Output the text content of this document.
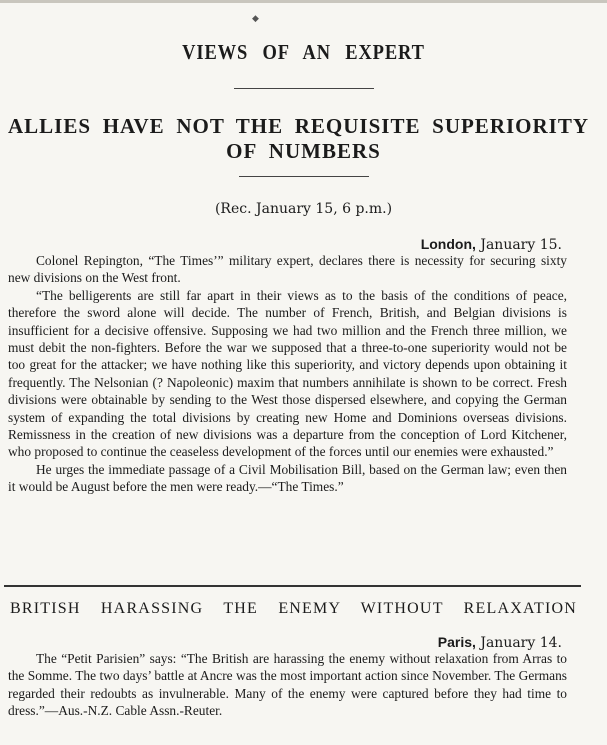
◆
VIEWS OF AN EXPERT
ALLIES HAVE NOT THE REQUISITE SUPERIORITY
OF NUMBERS
(Rec. January 15, 6 p.m.)
London, January 15.

Colonel Repington, “The Times’” military expert, declares there is necessity for securing sixty new divisions on the West front.

“The belligerents are still far apart in their views as to the basis of the conditions of peace, therefore the sword alone will decide. The number of French, British, and Belgian divisions is insufficient for a decisive offensive. Supposing we had two million and the French three million, we must debit the non-fighters. Before the war we supposed that a three-to-one superiority would not be too great for the attacker; we have nothing like this superiority, and victory depends upon obtaining it frequently. The Nelsonian (? Napoleonic) maxim that numbers annihilate is shown to be correct. Fresh divisions were obtainable by sending to the West those dispersed elsewhere, and copying the German system of expanding the total divisions by creating new Home and Dominions overseas divisions. Remissness in the creation of new divisions was a departure from the conception of Lord Kitchener, who proposed to continue the ceaseless development of the forces until our enemies were exhausted.”

He urges the immediate passage of a Civil Mobilisation Bill, based on the German law; even then it would be August before the men were ready.—“The Times.”

BRITISH HARASSING THE ENEMY WITHOUT RELAXATION
Paris, January 14.

The “Petit Parisien” says: “The British are harassing the enemy without relaxation from Arras to the Somme. The two days’ battle at Ancre was the most important action since November. The Germans regarded their redoubts as invulnerable. Many of the enemy were captured before they had time to dress.”—Aus.-N.Z. Cable Assn.-Reuter.
